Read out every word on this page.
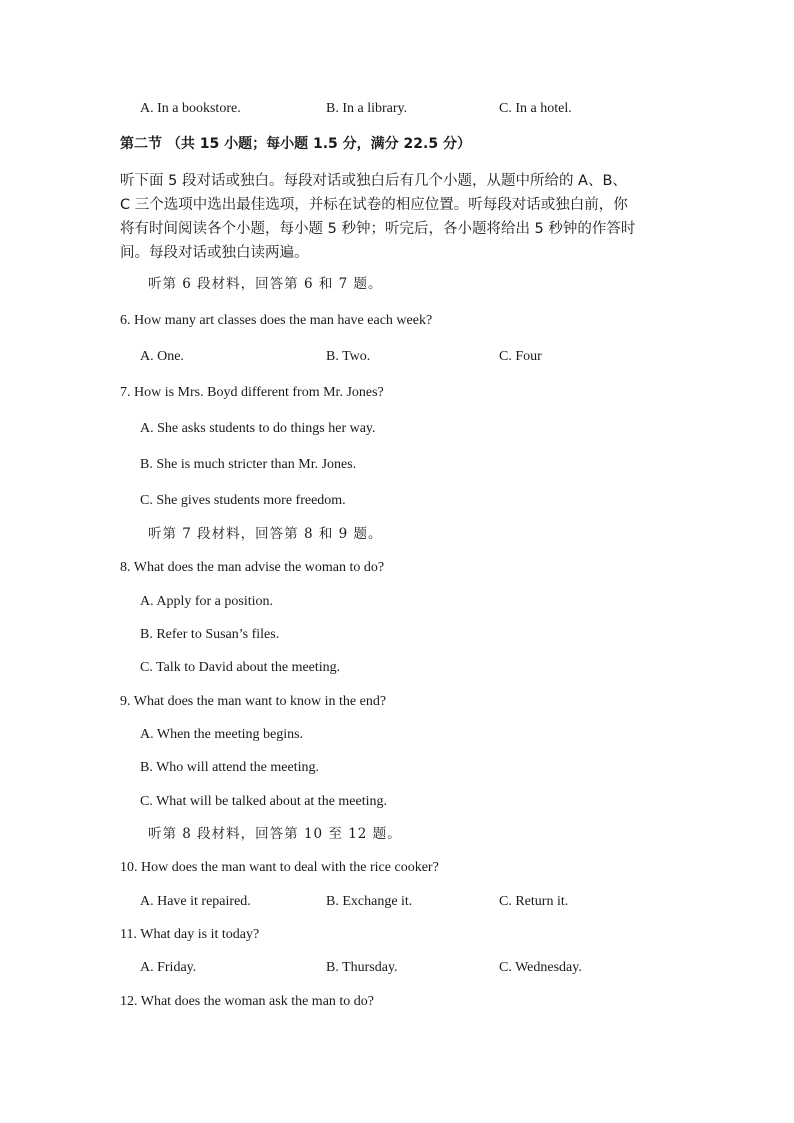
A. In a bookstore.	B. In a library.	C. In a hotel.
第二节 （共 15 小题；每小题 1.5 分，满分 22.5 分）
听下面 5 段对话或独白。每段对话或独白后有几个小题，从题中所给的 A、B、
C 三个选项中选出最佳选项，并标在试卷的相应位置。听每段对话或独白前，你
将有时间阅读各个小题，每小题 5 秒钟；听完后，各小题将给出 5 秒钟的作答时
间。每段对话或独白读两遍。
听第 6 段材料，回答第 6 和 7 题。
6. How many art classes does the man have each week?
A. One.	B. Two.	C. Four
7. How is Mrs. Boyd different from Mr. Jones?
A. She asks students to do things her way.
B. She is much stricter than Mr. Jones.
C. She gives students more freedom.
听第 7 段材料，回答第 8 和 9 题。
8. What does the man advise the woman to do?
A. Apply for a position.
B. Refer to Susan’s files.
C. Talk to David about the meeting.
9. What does the man want to know in the end?
A. When the meeting begins.
B. Who will attend the meeting.
C. What will be talked about at the meeting.
听第 8 段材料，回答第 10 至 12 题。
10. How does the man want to deal with the rice cooker?
A. Have it repaired.	B. Exchange it.	C. Return it.
11. What day is it today?
A. Friday.	B. Thursday.	C. Wednesday.
12. What does the woman ask the man to do?
